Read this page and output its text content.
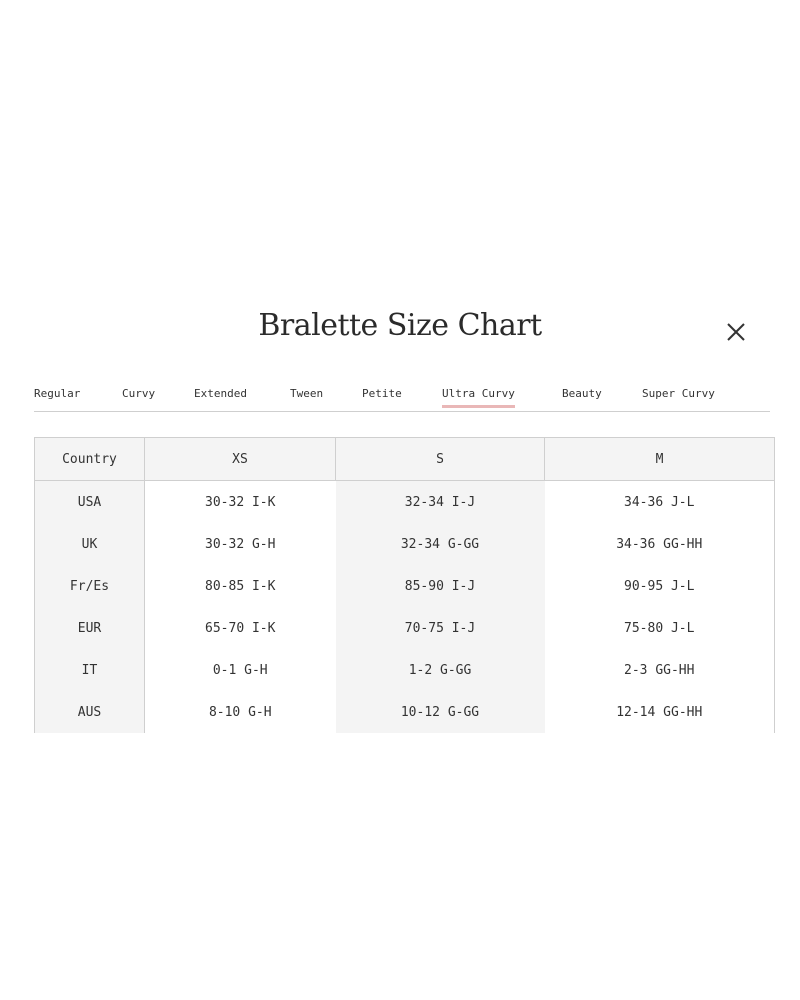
Bralette Size Chart
Regular	Curvy	Extended	Tween	Petite	Ultra Curvy	Beauty	Super Curvy
Country	XS	S	M
USA	30-32 I-K	32-34 I-J	34-36 J-L
UK	30-32 G-H	32-34 G-GG	34-36 GG-HH
Fr/Es	80-85 I-K	85-90 I-J	90-95 J-L
EUR	65-70 I-K	70-75 I-J	75-80 J-L
IT	0-1 G-H	1-2 G-GG	2-3 GG-HH
AUS	8-10 G-H	10-12 G-GG	12-14 GG-HH
